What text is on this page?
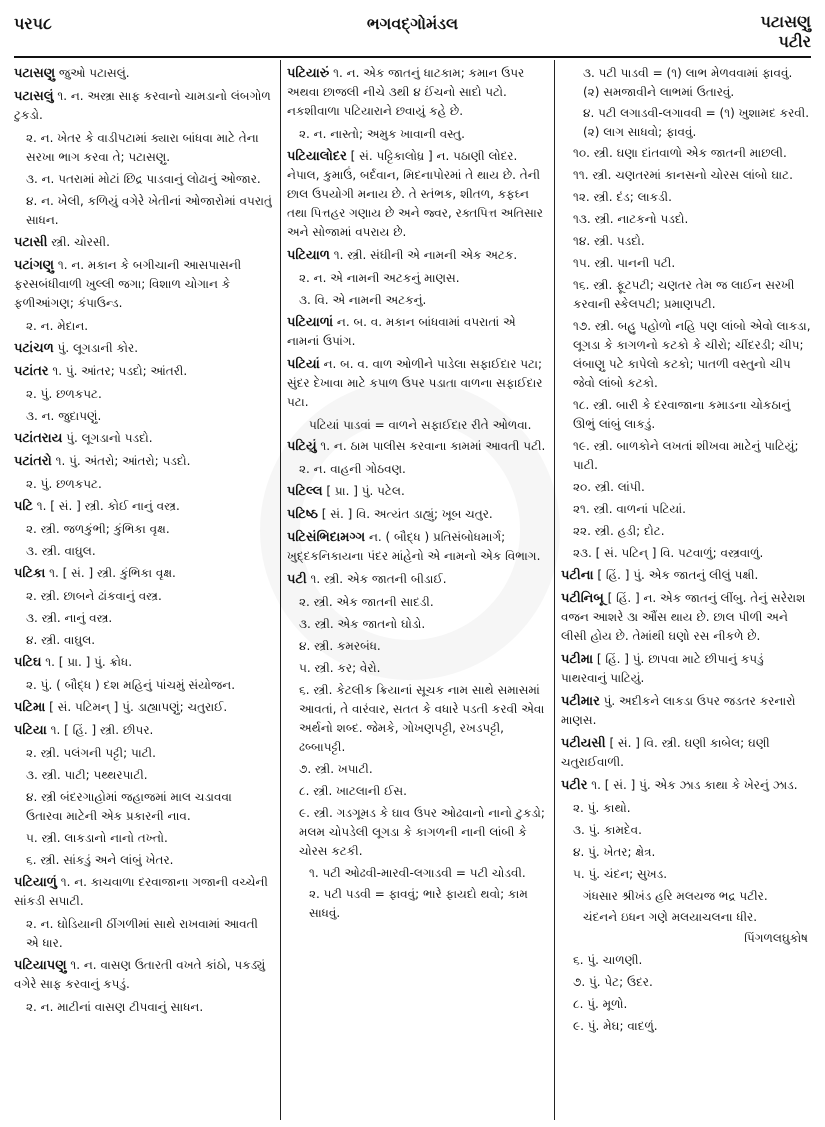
પરપ૮	ભગવદ્ગોમંડલ	પટાસણુ
પટીર
પટાસણુ જુઓ પટાસલું.
પટાસલું ૧. ન. અસ્ત્રા સાફ કરવાનો ચામડાનો લંબગોળ ટુકડો.
૨. ન. ખેતર કે વાડીપટામાં ક્યારા બાંધવા માટે તેના સરખા ભાગ કરવા તે; પટાસણુ.
૩. ન. પતરામાં મોટાં છિદ્ર પાડવાનું લોઢાનું ઓજાર.
૪. ન. ખેલી, કળિયું વગેરે ખેતીનાં ઓજારોમાં વપરાતું સાધન.
પટાસી સ્ત્રી. ચોરસી.
પટાંગણુ ૧. ન. મકાન કે બગીચાની આસપાસની ફરસબંધીવાળી ખુલ્લી જગા; વિશાળ ચોગાન કે ફળીઆંગણ; કંપાઉન્ડ.
૨. ન. મેદાન.
પટાંચળ પું. લૂગડાની કોર.
પટાંતર ૧. પું. આંતર; પડદો; આંતરી.
૨. પું. છળકપટ.
૩. ન. જુદાપણું.
પટાંતરાય પું. લૂગડાનો પડદો.
પટાંતરો ૧. પું. અંતરો; આંતરો; પડદો.
૨. પું. છળકપટ.
પટિ ૧. [ સં. ] સ્ત્રી. કોઈ નાનું વસ્ત્ર.
૨. સ્ત્રી. જળકુંભી; કુંભિકા વૃક્ષ.
૩. સ્ત્રી. વાઘુલ.
પટિકા ૧. [ સં. ] સ્ત્રી. કુંભિકા વૃક્ષ.
૨. સ્ત્રી. છાબને ઢાંકવાનું વસ્ત્ર.
૩. સ્ત્રી. નાનું વસ્ત્ર.
૪. સ્ત્રી. વાઘુલ.
પટિઘ ૧. [ પ્રા. ] પું. ક્રોધ.
૨. પું. ( બૌદ્ધ ) દશ મહિનું પાંચમું સંયોજન.
પટિમા [ સં. પટિમન્ ] પું. ડાહ્યાપણું; ચતુરાઈ.
પટિયા ૧. [ હિં. ] સ્ત્રી. છીપર.
૨. સ્ત્રી. પલંગની પટ્ટી; પાટી.
૩. સ્ત્રી. પાટી; પથ્થરપાટી.
૪. સ્ત્રી બંદરગાહોમાં જહાજમાં માલ ચડાવવા ઉતારવા માટેની એક પ્રકારની નાવ.
૫. સ્ત્રી. લાકડાનો નાનો તખ્તો.
૬. સ્ત્રી. સાંકડું અને લાંબું ખેતર.
પટિયાળું ૧. ન. કાચવાળા દરવાજાના ગજાની વચ્ચેની સાંકડી સપાટી.
૨. ન. ઘોડિયાની ઠીંગળીમાં સાથે રાખવામાં આવતી એ ધાર.
પટિયાપણુ ૧. ન. વાસણ ઉતારતી વખતે કાંઠો, પકડ્યું વગેરે સાફ કરવાનું કપડું.
૨. ન. માટીનાં વાસણ ટીપવાનું સાધન.
પટિયારું ૧. ન. એક જાતનું ધાટકામ; કમાન ઉપર અથવા છાજલી નીચે ૩થી ૪ ઈંચનો સાદો પટો. નકશીવાળા પટિયારાને છવાયું કહે છે.
૨. ન. નાસ્તો; અમુક ખાવાની વસ્તુ.
પટિયાલોદર [ સં. પટ્ટિકાલોધ્ર ] ન. પઠાણી લોદર. નેપાલ, કુમાઉં, બર્દવાન, મિદનાપોરમાં તે થાય છે. તેની છાલ ઉપયોગી મનાય છે. તે સ્તંભક, શીતળ, કફઘ્ન તથા પિત્તહર ગણાય છે અને જ્વર, રક્તપિત્ત અતિસાર અને સોજામાં વપરાય છે.
પટિયાળ ૧. સ્ત્રી. સંઘીની એ નામની એક અટક.
૨. ન. એ નામની અટકનું માણસ.
૩. વિ. એ નામની અટકનું.
પટિયાળાં ન. બ. વ. મકાન બાંધવામાં વપરાતાં એ નામનાં ઉપાંગ.
પટિયાં ન. બ. વ. વાળ ઓળીને પાડેલા સફાઈદાર પટા; સુંદર દેખાવા માટે કપાળ ઉપર પડાતા વાળના સફાઈદાર પટા.
પટિયાં પાડવાં = વાળને સફાઈદાર રીતે ઓળવા.
પટિયું ૧. ન. ઠામ પાલીસ કરવાના કામમાં આવતી પટી.
૨. ન. વાહની ગોઠવણ.
પટિલ્લ [ પ્રા. ] પું. પટેલ.
પટિષ્ઠ [ સં. ] વિ. અત્યંત ડાહ્યું; ખૂબ ચતુર.
પટિસંભિદામગ્ગ ન. ( બૌદ્ધ ) પ્રતિસંબોધમાર્ગ; ખુદ્દકનિકાયના પંદર માંહેનો એ નામનો એક વિભાગ.
પટી ૧. સ્ત્રી. એક જાતની બીડાઈ.
૨. સ્ત્રી. એક જાતની સાદડી.
૩. સ્ત્રી. એક જાતનો ઘોડો.
૪. સ્ત્રી. કમરબંધ.
૫. સ્ત્રી. કર; વેરો.
૬. સ્ત્રી. કેટલીક ક્રિયાનાં સૂચક નામ સાથે સમાસમાં આવતાં, તે વારંવાર, સતત કે વધારે પડતી કરવી એવા અર્થનો શબ્દ. જેમકે, ગોખણપટ્ટી, રખડપટ્ટી, ઢબ્બાપટ્ટી.
૭. સ્ત્રી. ખપાટી.
૮. સ્ત્રી. ખાટલાની ઈસ.
૯. સ્ત્રી. ગડગૂમડ કે ઘાવ ઉપર ઓઢવાનો નાનો ટુકડો; મલમ ચોપડેલી લૂગડા કે કાગળની નાની લાંબી કે ચોરસ કટકી.
૧. પટી ઓઢવી-મારવી-લગાડવી = પટી ચોડવી.
૨. પટી પડવી = ફાવવું; ભારે ફાયદો થવો; કામ સાધવું.
૩. પટી પાડવી = (૧) લાભ મેળવવામાં ફાવવું. (૨) સમજાવીને લાભમાં ઉતારવું.
૪. પટી લગાડવી-લગાવવી = (૧) ખુશામદ કરવી. (૨) લાગ સાધવો; ફાવવું.
૧૦. સ્ત્રી. ઘણા દાંતવાળો એક જાતની માછલી.
૧૧. સ્ત્રી. ચણતરમાં કાનસનો ચોરસ લાંબો ઘાટ.
૧૨. સ્ત્રી. દંડ; લાકડી.
૧૩. સ્ત્રી. નાટકનો પડદો.
૧૪. સ્ત્રી. પડદો.
૧૫. સ્ત્રી. પાનની પટી.
૧૬. સ્ત્રી. ફૂટપટી; ચણતર તેમ જ લાઈન સરખી કરવાની સ્કેલપટી; પ્રમાણપટી.
૧૭. સ્ત્રી. બહુ પહોળો નહિ પણ લાંબો એવો લાકડા, લૂગડા કે કાગળનો કટકો કે ચીરો; ચીંદરડી; ચીપ; લંબાણુ પટે કાપેલો કટકો; પાતળી વસ્તુનો ચીપ જેવો લાંબો કટકો.
૧૮. સ્ત્રી. બારી કે દરવાજાના કમાડના ચોકઠાનું ઊભું લાંબું લાકડું.
૧૯. સ્ત્રી. બાળકોને લખતાં શીખવા માટેનું પાટિયું; પાટી.
૨૦. સ્ત્રી. લાંપી.
૨૧. સ્ત્રી. વાળનાં પટિયાં.
૨૨. સ્ત્રી. હડી; દોટ.
૨૩. [ સં. પટિન્ ] વિ. પટવાળું; વસ્ત્રવાળું.
પટીના [ હિં. ] પું. એક જાતનું લીલું પક્ષી.
પટીનિબૂ [ હિં. ] ન. એક જાતનું લીંબુ. તેનું સરેરાશ વજન આશરે ૩ા ઔંસ થાય છે. છાલ પીળી અને લીસી હોય છે. તેમાંથી ઘણો રસ નીકળે છે.
પટીમા [ હિં. ] પું. છાપવા માટે છીપાનું કપડું પાથરવાનું પાટિયું.
પટીમાર પું. અદીકને લાકડા ઉપર જડતર કરનારો માણસ.
પટીયસી [ સં. ] વિ. સ્ત્રી. ઘણી કાબેલ; ઘણી ચતુરાઈવાળી.
પટીર ૧. [ સં. ] પું. એક ઝાડ કાથા કે ખેરનું ઝાડ.
૨. પું. કાથો.
૩. પું. કામદેવ.
૪. પું. ખેતર; ક્ષેત્ર.
૫. પું. ચંદન; સુખડ.
ગંધસાર શ્રીખંડ હરિ મલયજ ભદ્ર પટીર.
ચંદનને ઇધન ગણે મલયાચલના ધીર.
પિંગળલઘુકોષ
૬. પું. ચાળણી.
૭. પું. પેટ; ઉદર.
૮. પું. મૂળો.
૯. પું. મેઘ; વાદળું.
